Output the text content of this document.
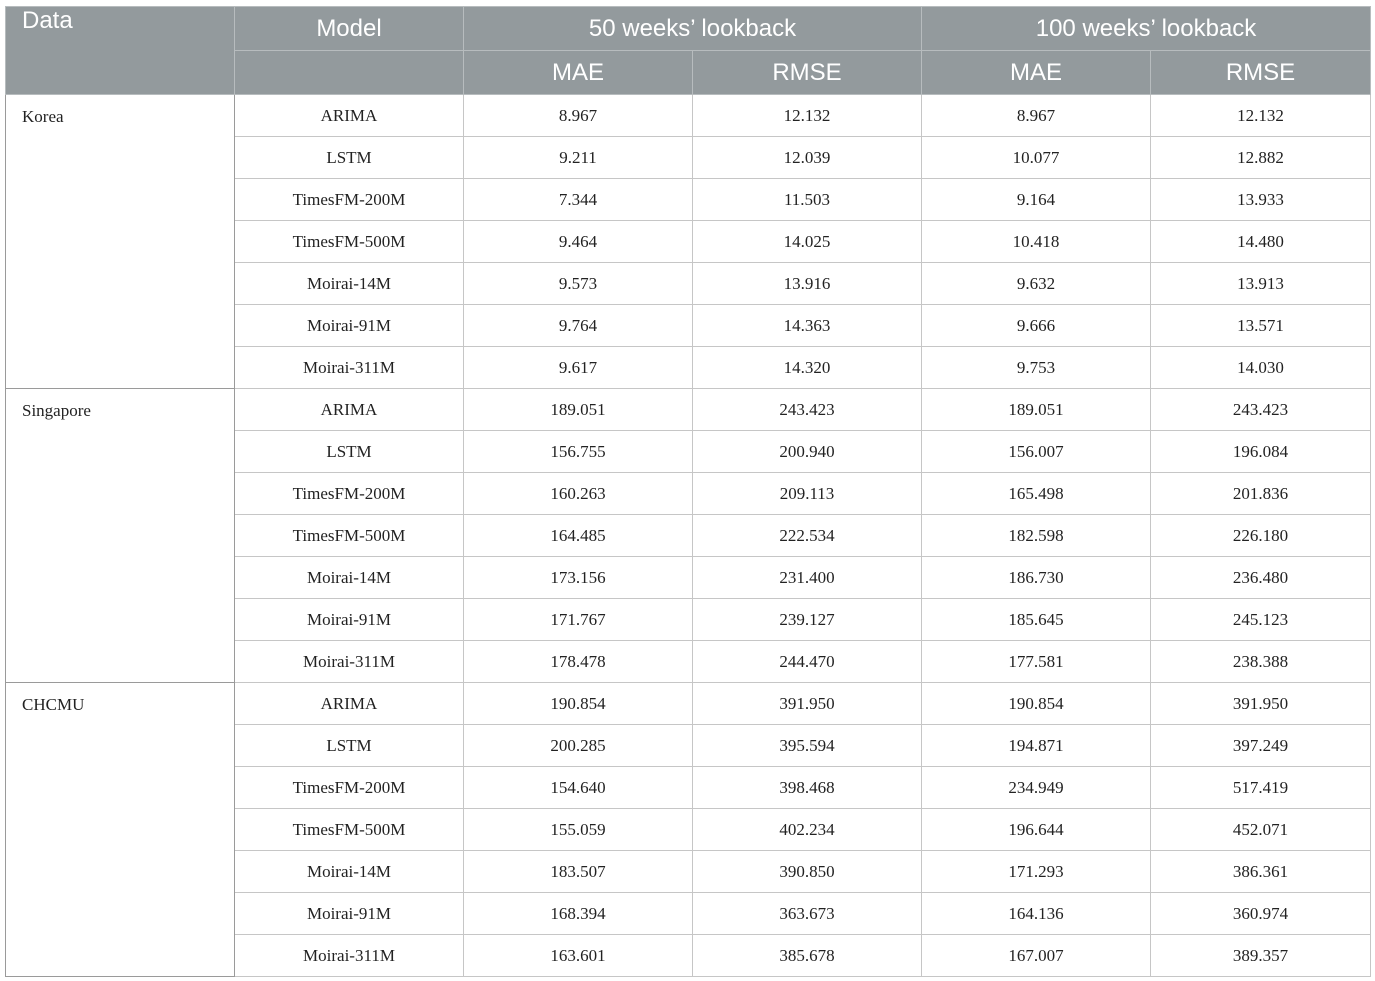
Data	Model	50 weeks’ lookback		100 weeks’ lookback	
		MAE	RMSE	MAE	RMSE
Korea	ARIMA	8.967	12.132	8.967	12.132
	LSTM	9.211	12.039	10.077	12.882
	TimesFM-200M	7.344	11.503	9.164	13.933
	TimesFM-500M	9.464	14.025	10.418	14.480
	Moirai-14M	9.573	13.916	9.632	13.913
	Moirai-91M	9.764	14.363	9.666	13.571
	Moirai-311M	9.617	14.320	9.753	14.030
Singapore	ARIMA	189.051	243.423	189.051	243.423
	LSTM	156.755	200.940	156.007	196.084
	TimesFM-200M	160.263	209.113	165.498	201.836
	TimesFM-500M	164.485	222.534	182.598	226.180
	Moirai-14M	173.156	231.400	186.730	236.480
	Moirai-91M	171.767	239.127	185.645	245.123
	Moirai-311M	178.478	244.470	177.581	238.388
CHCMU	ARIMA	190.854	391.950	190.854	391.950
	LSTM	200.285	395.594	194.871	397.249
	TimesFM-200M	154.640	398.468	234.949	517.419
	TimesFM-500M	155.059	402.234	196.644	452.071
	Moirai-14M	183.507	390.850	171.293	386.361
	Moirai-91M	168.394	363.673	164.136	360.974
	Moirai-311M	163.601	385.678	167.007	389.357
